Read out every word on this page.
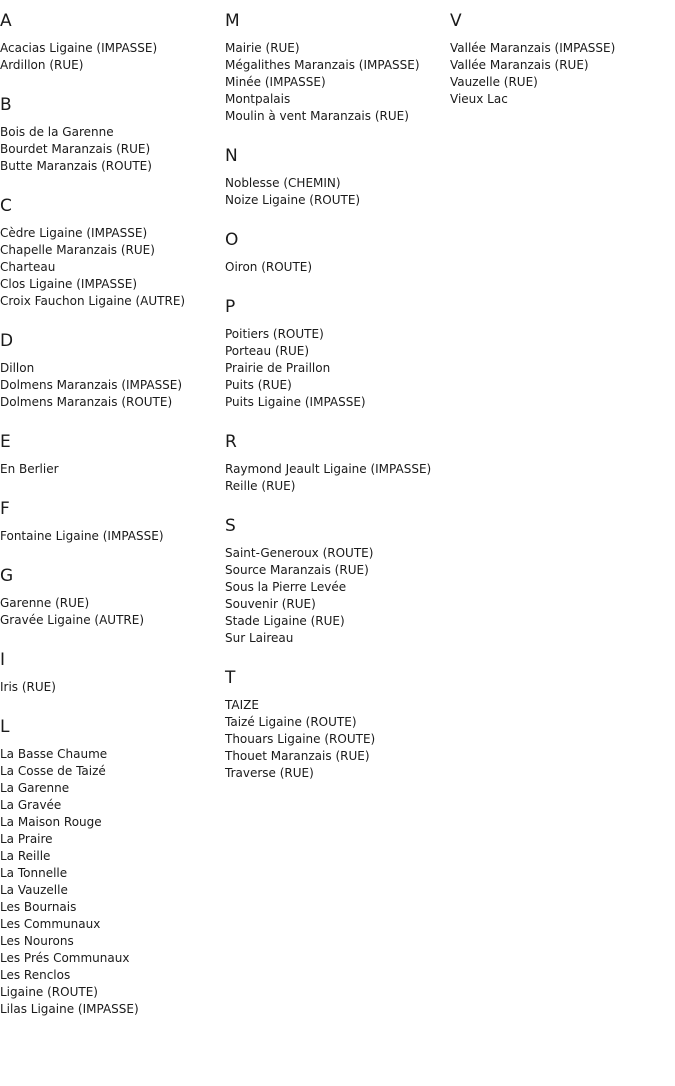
A
Acacias Ligaine (IMPASSE)
Ardillon (RUE)
B
Bois de la Garenne
Bourdet Maranzais (RUE)
Butte Maranzais (ROUTE)
C
Cèdre Ligaine (IMPASSE)
Chapelle Maranzais (RUE)
Charteau
Clos Ligaine (IMPASSE)
Croix Fauchon Ligaine (AUTRE)
D
Dillon
Dolmens Maranzais (IMPASSE)
Dolmens Maranzais (ROUTE)
E
En Berlier
F
Fontaine Ligaine (IMPASSE)
G
Garenne (RUE)
Gravée Ligaine (AUTRE)
I
Iris (RUE)
L
La Basse Chaume
La Cosse de Taizé
La Garenne
La Gravée
La Maison Rouge
La Praire
La Reille
La Tonnelle
La Vauzelle
Les Bournais
Les Communaux
Les Nourons
Les Prés Communaux
Les Renclos
Ligaine (ROUTE)
Lilas Ligaine (IMPASSE)
M
Mairie (RUE)
Mégalithes Maranzais (IMPASSE)
Minée (IMPASSE)
Montpalais
Moulin à vent Maranzais (RUE)
N
Noblesse (CHEMIN)
Noize Ligaine (ROUTE)
O
Oiron (ROUTE)
P
Poitiers (ROUTE)
Porteau (RUE)
Prairie de Praillon
Puits (RUE)
Puits Ligaine (IMPASSE)
R
Raymond Jeault Ligaine (IMPASSE)
Reille (RUE)
S
Saint-Generoux (ROUTE)
Source Maranzais (RUE)
Sous la Pierre Levée
Souvenir (RUE)
Stade Ligaine (RUE)
Sur Laireau
T
TAIZE
Taizé Ligaine (ROUTE)
Thouars Ligaine (ROUTE)
Thouet Maranzais (RUE)
Traverse (RUE)
V
Vallée Maranzais (IMPASSE)
Vallée Maranzais (RUE)
Vauzelle (RUE)
Vieux Lac
